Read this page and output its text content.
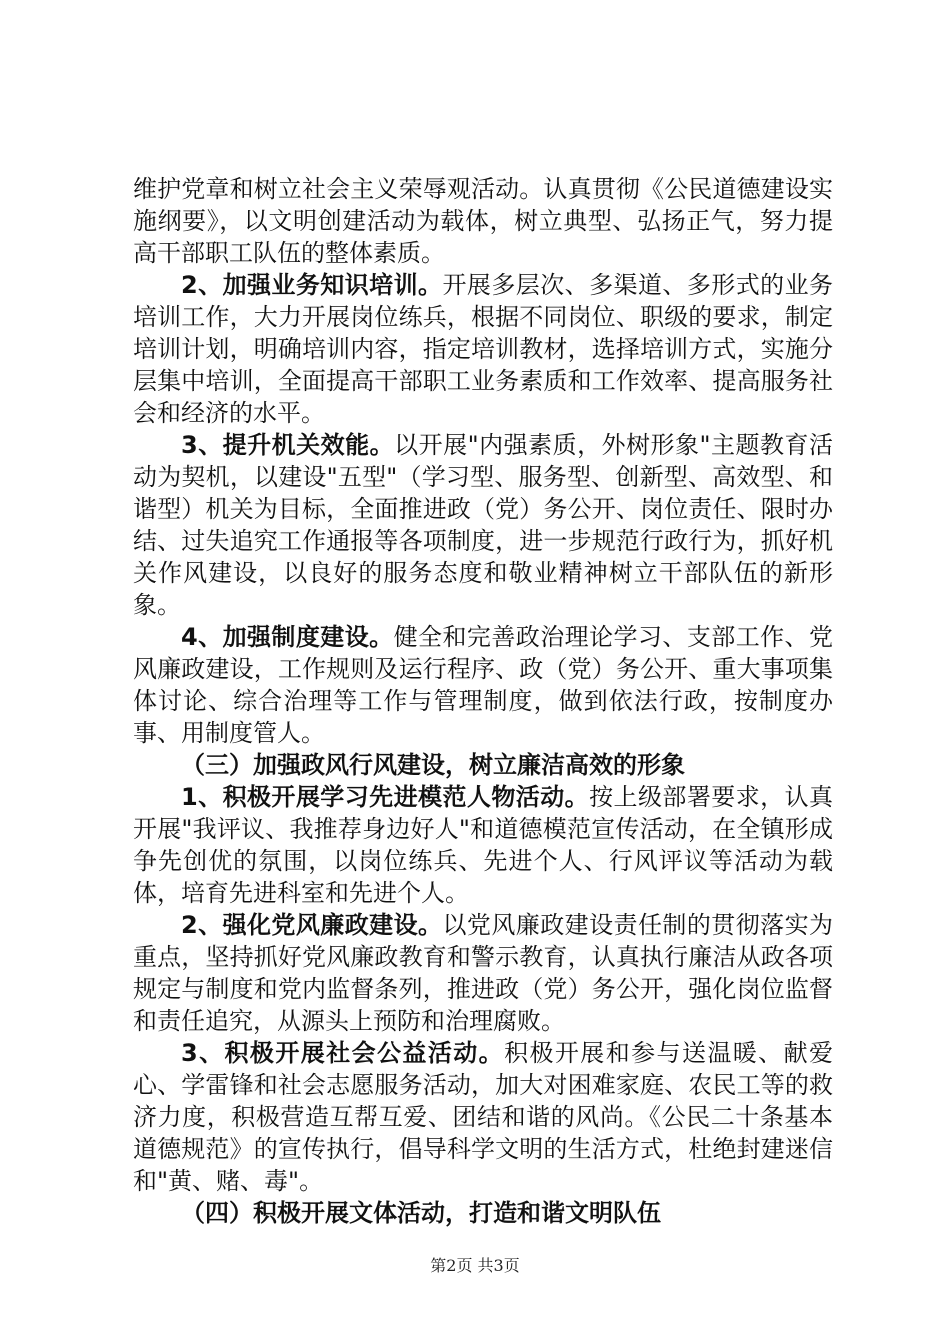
维护党章和树立社会主义荣辱观活动。认真贯彻《公民道德建设实施纲要》，以文明创建活动为载体，树立典型、弘扬正气，努力提高干部职工队伍的整体素质。

2、加强业务知识培训。开展多层次、多渠道、多形式的业务培训工作，大力开展岗位练兵，根据不同岗位、职级的要求，制定培训计划，明确培训内容，指定培训教材，选择培训方式，实施分层集中培训，全面提高干部职工业务素质和工作效率、提高服务社会和经济的水平。

3、提升机关效能。以开展"内强素质，外树形象"主题教育活动为契机，以建设"五型"（学习型、服务型、创新型、高效型、和谐型）机关为目标，全面推进政（党）务公开、岗位责任、限时办结、过失追究工作通报等各项制度，进一步规范行政行为，抓好机关作风建设，以良好的服务态度和敬业精神树立干部队伍的新形象。

4、加强制度建设。健全和完善政治理论学习、支部工作、党风廉政建设，工作规则及运行程序、政（党）务公开、重大事项集体讨论、综合治理等工作与管理制度，做到依法行政，按制度办事、用制度管人。

（三）加强政风行风建设，树立廉洁高效的形象

1、积极开展学习先进模范人物活动。按上级部署要求，认真开展"我评议、我推荐身边好人"和道德模范宣传活动，在全镇形成争先创优的氛围，以岗位练兵、先进个人、行风评议等活动为载体，培育先进科室和先进个人。

2、强化党风廉政建设。以党风廉政建设责任制的贯彻落实为重点，坚持抓好党风廉政教育和警示教育，认真执行廉洁从政各项规定与制度和党内监督条列，推进政（党）务公开，强化岗位监督和责任追究，从源头上预防和治理腐败。

3、积极开展社会公益活动。积极开展和参与送温暖、献爱心、学雷锋和社会志愿服务活动，加大对困难家庭、农民工等的救济力度，积极营造互帮互爱、团结和谐的风尚。《公民二十条基本道德规范》的宣传执行，倡导科学文明的生活方式，杜绝封建迷信和"黄、赌、毒"。

（四）积极开展文体活动，打造和谐文明队伍

第2页 共3页
